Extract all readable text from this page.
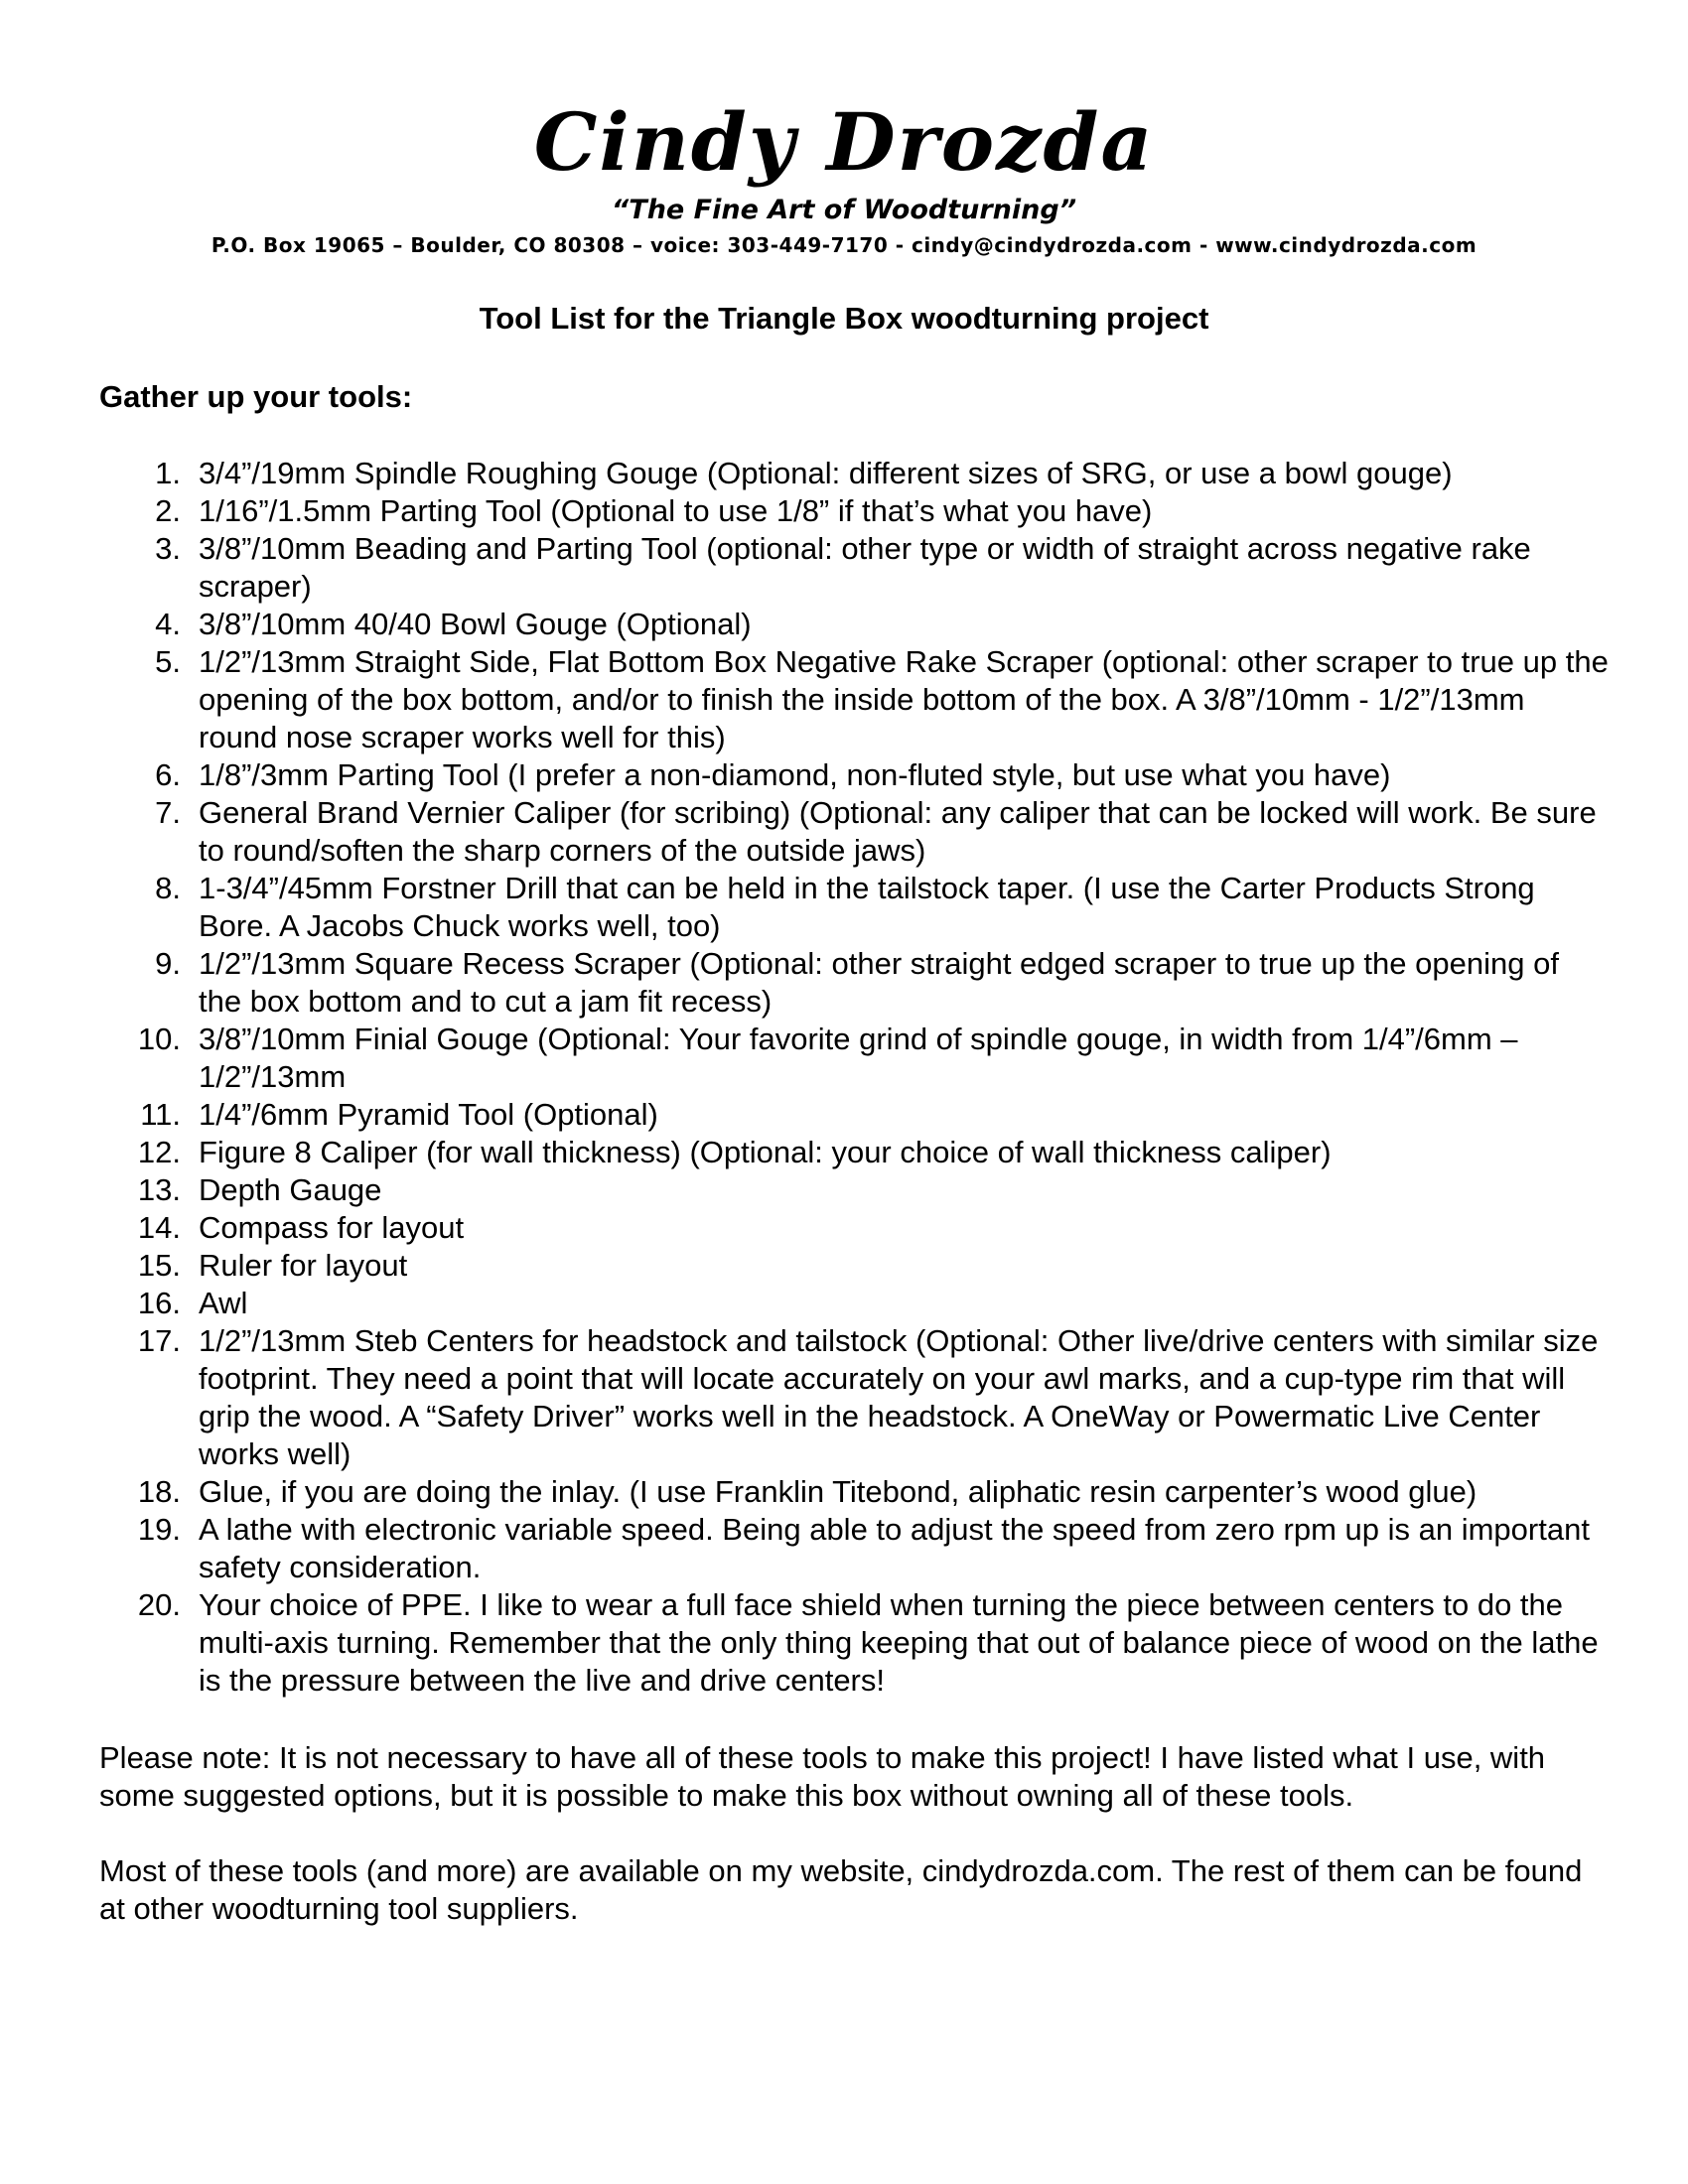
Cindy Drozda
“The Fine Art of Woodturning”
P.O. Box 19065 – Boulder, CO 80308 – voice: 303-449-7170 - cindy@cindydrozda.com - www.cindydrozda.com
Tool List for the Triangle Box woodturning project
Gather up your tools:
1. 3/4”/19mm Spindle Roughing Gouge (Optional: different sizes of SRG, or use a bowl gouge)
2. 1/16”/1.5mm Parting Tool (Optional to use 1/8” if that’s what you have)
3. 3/8”/10mm Beading and Parting Tool (optional: other type or width of straight across negative rake scraper)
4. 3/8”/10mm 40/40 Bowl Gouge (Optional)
5. 1/2”/13mm Straight Side, Flat Bottom Box Negative Rake Scraper (optional: other scraper to true up the opening of the box bottom, and/or to finish the inside bottom of the box. A 3/8”/10mm - 1/2”/13mm round nose scraper works well for this)
6. 1/8”/3mm Parting Tool (I prefer a non-diamond, non-fluted style, but use what you have)
7. General Brand Vernier Caliper (for scribing) (Optional: any caliper that can be locked will work. Be sure to round/soften the sharp corners of the outside jaws)
8. 1-3/4”/45mm Forstner Drill that can be held in the tailstock taper. (I use the Carter Products Strong Bore. A Jacobs Chuck works well, too)
9. 1/2”/13mm Square Recess Scraper (Optional: other straight edged scraper to true up the opening of the box bottom and to cut a jam fit recess)
10. 3/8”/10mm Finial Gouge (Optional: Your favorite grind of spindle gouge, in width from 1/4”/6mm – 1/2”/13mm
11. 1/4”/6mm Pyramid Tool (Optional)
12. Figure 8 Caliper (for wall thickness) (Optional: your choice of wall thickness caliper)
13. Depth Gauge
14. Compass for layout
15. Ruler for layout
16. Awl
17. 1/2”/13mm Steb Centers for headstock and tailstock (Optional: Other live/drive centers with similar size footprint. They need a point that will locate accurately on your awl marks, and a cup-type rim that will grip the wood. A “Safety Driver” works well in the headstock. A OneWay or Powermatic Live Center works well)
18. Glue, if you are doing the inlay. (I use Franklin Titebond, aliphatic resin carpenter’s wood glue)
19. A lathe with electronic variable speed. Being able to adjust the speed from zero rpm up is an important safety consideration.
20. Your choice of PPE. I like to wear a full face shield when turning the piece between centers to do the multi-axis turning. Remember that the only thing keeping that out of balance piece of wood on the lathe is the pressure between the live and drive centers!

Please note: It is not necessary to have all of these tools to make this project! I have listed what I use, with some suggested options, but it is possible to make this box without owning all of these tools.

Most of these tools (and more) are available on my website, cindydrozda.com. The rest of them can be found at other woodturning tool suppliers.
